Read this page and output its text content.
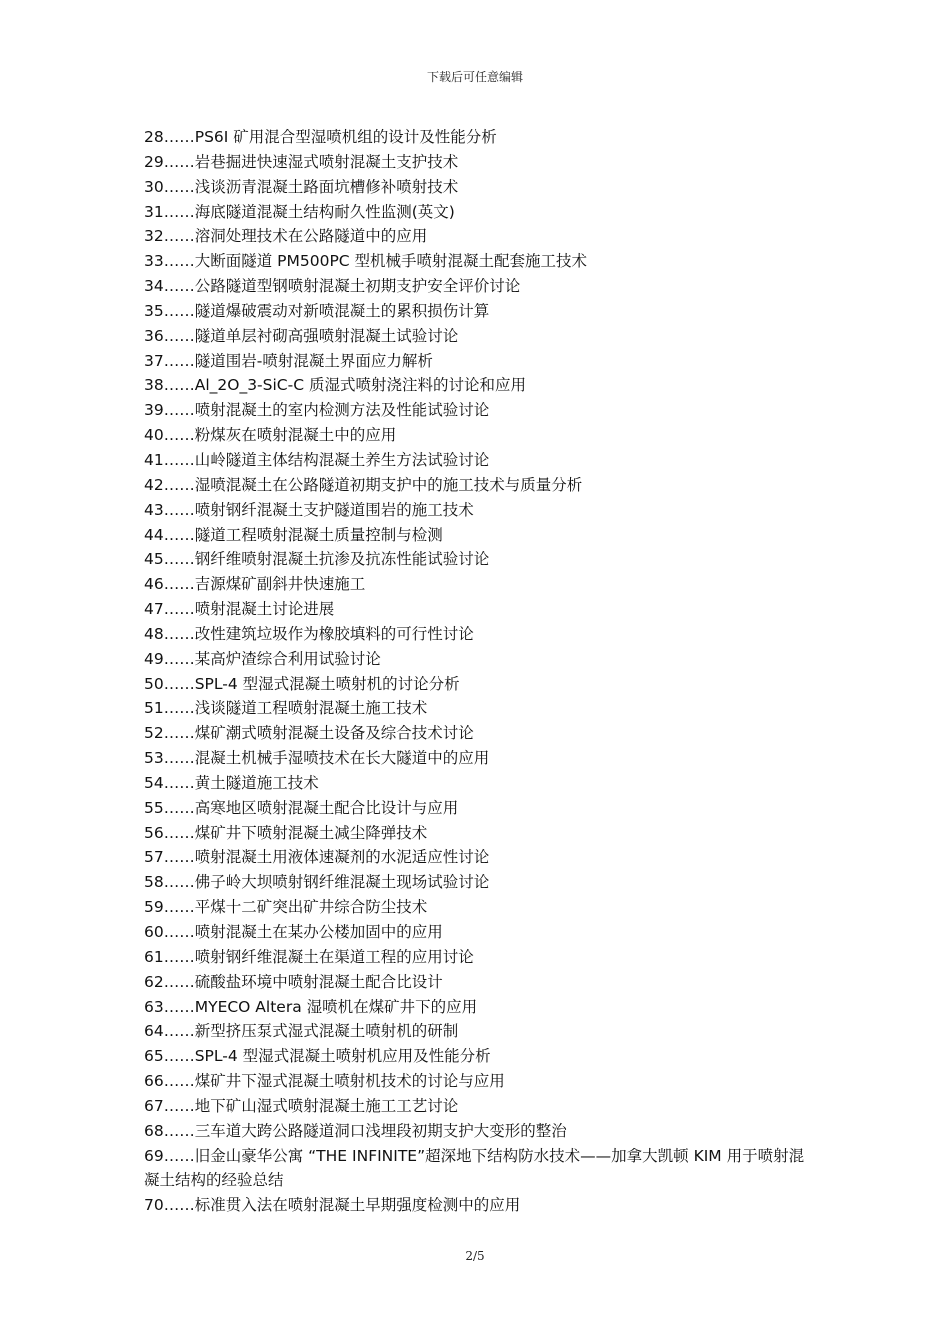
下载后可任意编辑
28……PS6I 矿用混合型湿喷机组的设计及性能分析
29……岩巷掘进快速湿式喷射混凝土支护技术
30……浅谈沥青混凝土路面坑槽修补喷射技术
31……海底隧道混凝土结构耐久性监测(英文)
32……溶洞处理技术在公路隧道中的应用
33……大断面隧道 PM500PC 型机械手喷射混凝土配套施工技术
34……公路隧道型钢喷射混凝土初期支护安全评价讨论
35……隧道爆破震动对新喷混凝土的累积损伤计算
36……隧道单层衬砌高强喷射混凝土试验讨论
37……隧道围岩-喷射混凝土界面应力解析
38……Al_2O_3-SiC-C 质湿式喷射浇注料的讨论和应用
39……喷射混凝土的室内检测方法及性能试验讨论
40……粉煤灰在喷射混凝土中的应用
41……山岭隧道主体结构混凝土养生方法试验讨论
42……湿喷混凝土在公路隧道初期支护中的施工技术与质量分析
43……喷射钢纤混凝土支护隧道围岩的施工技术
44……隧道工程喷射混凝土质量控制与检测
45……钢纤维喷射混凝土抗渗及抗冻性能试验讨论
46……吉源煤矿副斜井快速施工
47……喷射混凝土讨论进展
48……改性建筑垃圾作为橡胶填料的可行性讨论
49……某高炉渣综合利用试验讨论
50……SPL-4 型湿式混凝土喷射机的讨论分析
51……浅谈隧道工程喷射混凝土施工技术
52……煤矿潮式喷射混凝土设备及综合技术讨论
53……混凝土机械手湿喷技术在长大隧道中的应用
54……黄土隧道施工技术
55……高寒地区喷射混凝土配合比设计与应用
56……煤矿井下喷射混凝土减尘降弹技术
57……喷射混凝土用液体速凝剂的水泥适应性讨论
58……佛子岭大坝喷射钢纤维混凝土现场试验讨论
59……平煤十二矿突出矿井综合防尘技术
60……喷射混凝土在某办公楼加固中的应用
61……喷射钢纤维混凝土在渠道工程的应用讨论
62……硫酸盐环境中喷射混凝土配合比设计
63……MYECO Altera 湿喷机在煤矿井下的应用
64……新型挤压泵式湿式混凝土喷射机的研制
65……SPL-4 型湿式混凝土喷射机应用及性能分析
66……煤矿井下湿式混凝土喷射机技术的讨论与应用
67……地下矿山湿式喷射混凝土施工工艺讨论
68……三车道大跨公路隧道洞口浅埋段初期支护大变形的整治
69……旧金山豪华公寓 “THE INFINITE”超深地下结构防水技术——加拿大凯顿 KIM 用于喷射混凝土结构的经验总结
70……标准贯入法在喷射混凝土早期强度检测中的应用
2/5
